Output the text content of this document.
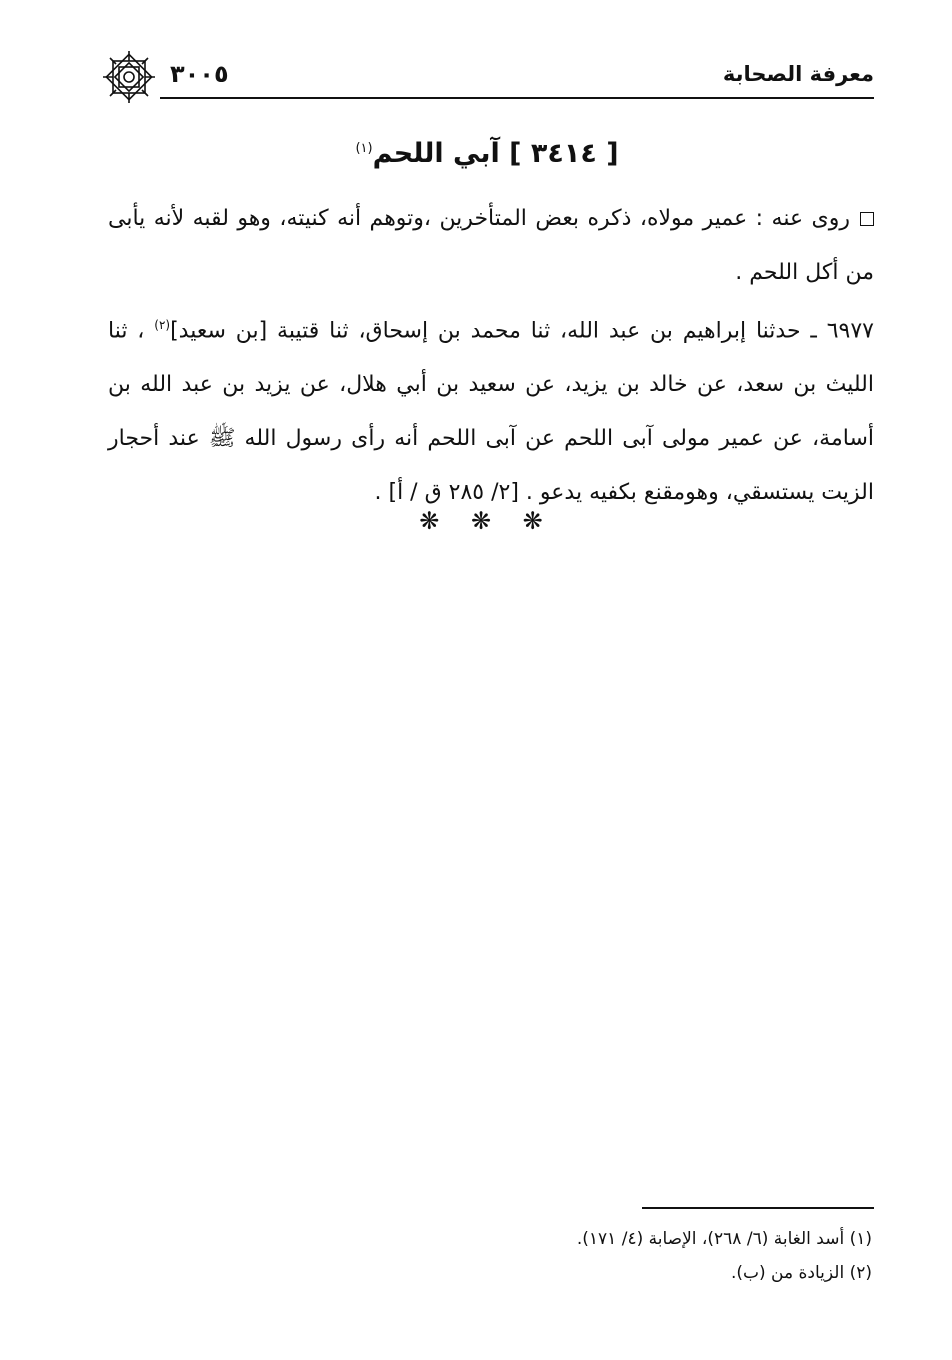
معرفة الصحابة
٣٠٠٥
[ ٣٤١٤ ] آبي اللحم$^{(١)}$
روى عنه : عمير مولاه، ذكره بعض المتأخرين ،وتوهم أنه كنيته، وهو لقبه لأنه يأبى من أكل اللحم .
٦٩٧٧ ـ حدثنا إبراهيم بن عبد الله، ثنا محمد بن إسحاق، ثنا قتيبة [بن سعيد]$^{(٢)}$ ، ثنا الليث بن سعد، عن خالد بن يزيد، عن سعيد بن أبي هلال، عن يزيد بن عبد الله بن أسامة، عن عمير مولى آبى اللحم عن آبى اللحم أنه رأى رسول الله ﷺ عند أحجار الزيت يستسقي، وهومقنع بكفيه يدعو . [٢/ ٢٨٥ ق / أ] .
❋ ❋ ❋
(١) أسد الغابة (٦/ ٢٦٨)، الإصابة (٤/ ١٧١).
(٢) الزيادة من (ب).
